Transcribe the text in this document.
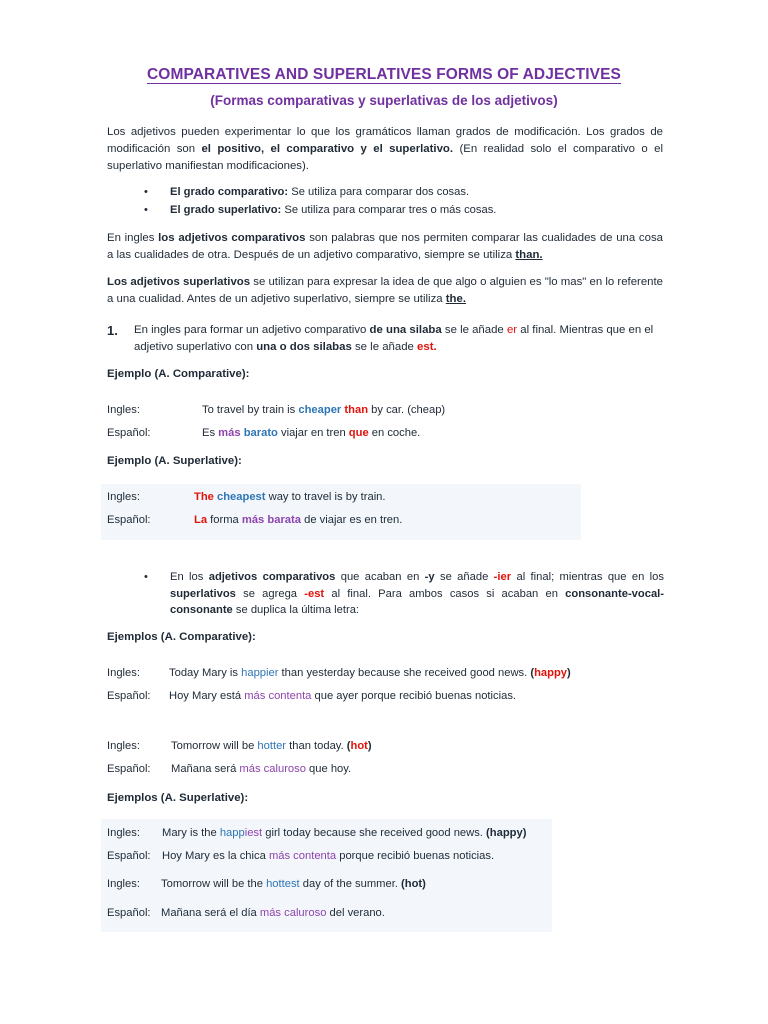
COMPARATIVES AND SUPERLATIVES FORMS OF ADJECTIVES
(Formas comparativas y superlativas de los adjetivos)
Los adjetivos pueden experimentar lo que los gramáticos llaman grados de modificación. Los grados de modificación son el positivo, el comparativo y el superlativo. (En realidad solo el comparativo o el superlativo manifiestan modificaciones).
• El grado comparativo: Se utiliza para comparar dos cosas.
• El grado superlativo: Se utiliza para comparar tres o más cosas.
En ingles los adjetivos comparativos son palabras que nos permiten comparar las cualidades de una cosa a las cualidades de otra. Después de un adjetivo comparativo, siempre se utiliza than.
Los adjetivos superlativos se utilizan para expresar la idea de que algo o alguien es "lo mas" en lo referente a una cualidad. Antes de un adjetivo superlativo, siempre se utiliza the.
1. En ingles para formar un adjetivo comparativo de una silaba se le añade er al final. Mientras que en el adjetivo superlativo con una o dos silabas se le añade est.
Ejemplo (A. Comparative):
Ingles:	To travel by train is cheaper than by car. (cheap)
Español:	Es más barato viajar en tren que en coche.
Ejemplo (A. Superlative):
Ingles:	The cheapest way to travel is by train.
Español:	La forma más barata de viajar es en tren.
• En los adjetivos comparativos que acaban en -y se añade -ier al final; mientras que en los superlativos se agrega -est al final. Para ambos casos si acaban en consonante-vocal-consonante se duplica la última letra:
Ejemplos (A. Comparative):
Ingles:	Today Mary is happier than yesterday because she received good news. (happy)
Español: Hoy Mary está más contenta que ayer porque recibió buenas noticias.
Ingles:	Tomorrow will be hotter than today. (hot)
Español: Mañana será más caluroso que hoy.
Ejemplos (A. Superlative):
Ingles: Mary is the happiest girl today because she received good news. (happy)
Español: Hoy Mary es la chica más contenta porque recibió buenas noticias.
Ingles: Tomorrow will be the hottest day of the summer. (hot)
Español: Mañana será el día más caluroso del verano.
